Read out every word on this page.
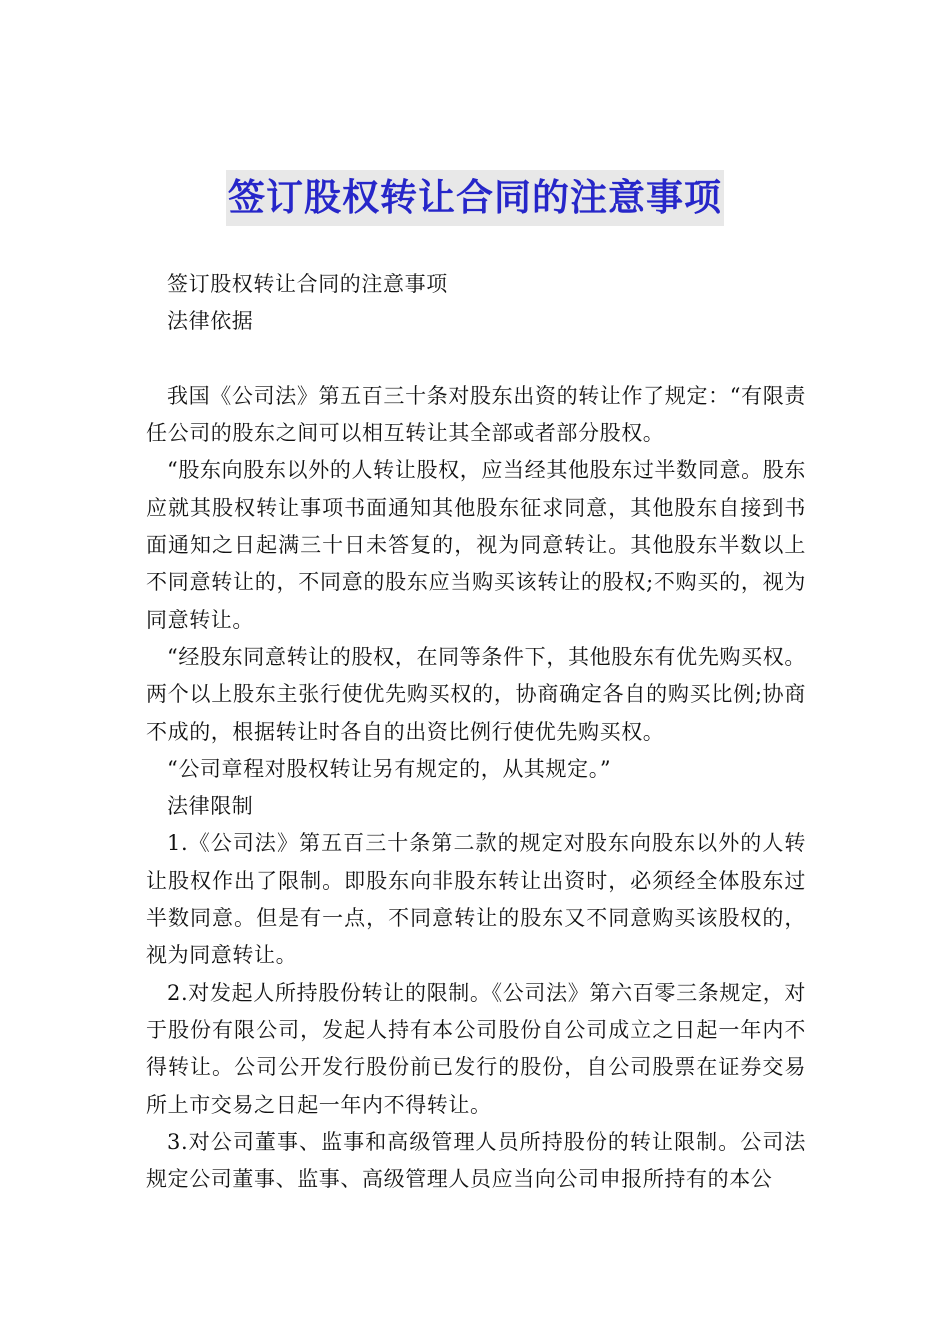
签订股权转让合同的注意事项

签订股权转让合同的注意事项

法律依据

我国《公司法》第五百三十条对股东出资的转让作了规定：“有限责任公司的股东之间可以相互转让其全部或者部分股权。

“股东向股东以外的人转让股权，应当经其他股东过半数同意。股东应就其股权转让事项书面通知其他股东征求同意，其他股东自接到书面通知之日起满三十日未答复的，视为同意转让。其他股东半数以上不同意转让的，不同意的股东应当购买该转让的股权;不购买的，视为同意转让。

“经股东同意转让的股权，在同等条件下，其他股东有优先购买权。两个以上股东主张行使优先购买权的，协商确定各自的购买比例;协商不成的，根据转让时各自的出资比例行使优先购买权。

“公司章程对股权转让另有规定的，从其规定。”

法律限制

1.《公司法》第五百三十条第二款的规定对股东向股东以外的人转让股权作出了限制。即股东向非股东转让出资时，必须经全体股东过半数同意。但是有一点，不同意转让的股东又不同意购买该股权的，视为同意转让。

2.对发起人所持股份转让的限制。《公司法》第六百零三条规定，对于股份有限公司，发起人持有本公司股份自公司成立之日起一年内不得转让。公司公开发行股份前已发行的股份，自公司股票在证券交易所上市交易之日起一年内不得转让。

3.对公司董事、监事和高级管理人员所持股份的转让限制。公司法规定公司董事、监事、高级管理人员应当向公司申报所持有的本公
